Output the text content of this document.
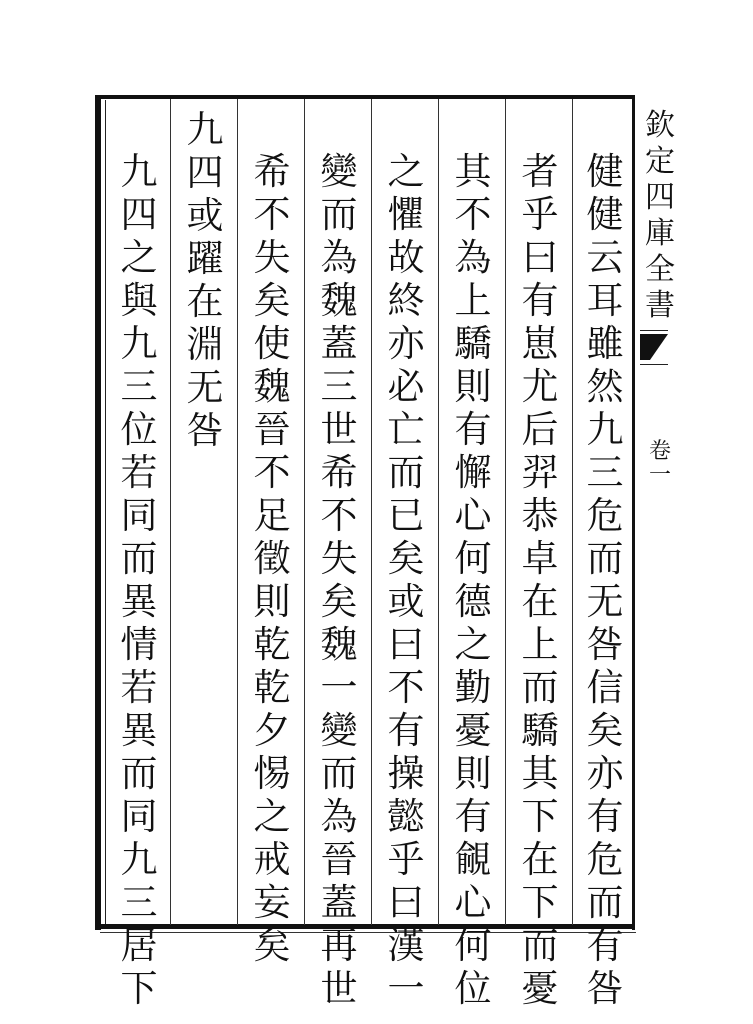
健
健
云
耳
雖
然
九
三
危
而
无
咎
信
矣
亦
有
危
而
有
咎
者
乎
曰
有
崽
尤
后
羿
恭
卓
在
上
而
驕
其
下
在
下
而
憂
其
不
為
上
驕
則
有
懈
心
何
德
之
勤
憂
則
有
覦
心
何
位
之
懼
故
終
亦
必
亡
而
已
矣
或
曰
不
有
操
懿
乎
曰
漢
一
變
而
為
魏
蓋
三
世
希
不
失
矣
魏
一
變
而
為
晉
蓋
再
世
希
不
失
矣
使
魏
晉
不
足
徵
則
乾
乾
夕
惕
之
戒
妄
矣
九
四
或
躍
在
淵
无
咎
九
四
之
與
九
三
位
若
同
而
異
情
若
異
而
同
九
三
居
下
欽
定
四
庫
全
書
卷
一
